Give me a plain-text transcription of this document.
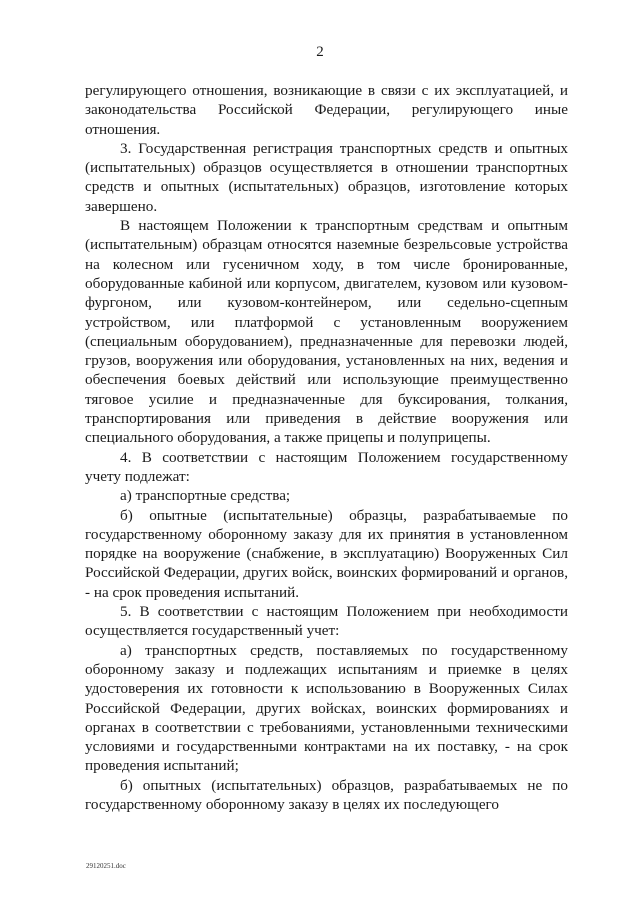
2

регулирующего отношения, возникающие в связи с их эксплуатацией, и законодательства Российской Федерации, регулирующего иные отношения.

3. Государственная регистрация транспортных средств и опытных (испытательных) образцов осуществляется в отношении транспортных средств и опытных (испытательных) образцов, изготовление которых завершено.

В настоящем Положении к транспортным средствам и опытным (испытательным) образцам относятся наземные безрельсовые устройства на колесном или гусеничном ходу, в том числе бронированные, оборудованные кабиной или корпусом, двигателем, кузовом или кузовом-фургоном, или кузовом-контейнером, или седельно-сцепным устройством, или платформой с установленным вооружением (специальным оборудованием), предназначенные для перевозки людей, грузов, вооружения или оборудования, установленных на них, ведения и обеспечения боевых действий или использующие преимущественно тяговое усилие и предназначенные для буксирования, толкания, транспортирования или приведения в действие вооружения или специального оборудования, а также прицепы и полуприцепы.

4. В соответствии с настоящим Положением государственному учету подлежат:

а) транспортные средства;

б) опытные (испытательные) образцы, разрабатываемые по государственному оборонному заказу для их принятия в установленном порядке на вооружение (снабжение, в эксплуатацию) Вооруженных Сил Российской Федерации, других войск, воинских формирований и органов, - на срок проведения испытаний.

5. В соответствии с настоящим Положением при необходимости осуществляется государственный учет:

а) транспортных средств, поставляемых по государственному оборонному заказу и подлежащих испытаниям и приемке в целях удостоверения их готовности к использованию в Вооруженных Силах Российской Федерации, других войсках, воинских формированиях и органах в соответствии с требованиями, установленными техническими условиями и государственными контрактами на их поставку, - на срок проведения испытаний;

б) опытных (испытательных) образцов, разрабатываемых не по государственному оборонному заказу в целях их последующего

29120251.doc
